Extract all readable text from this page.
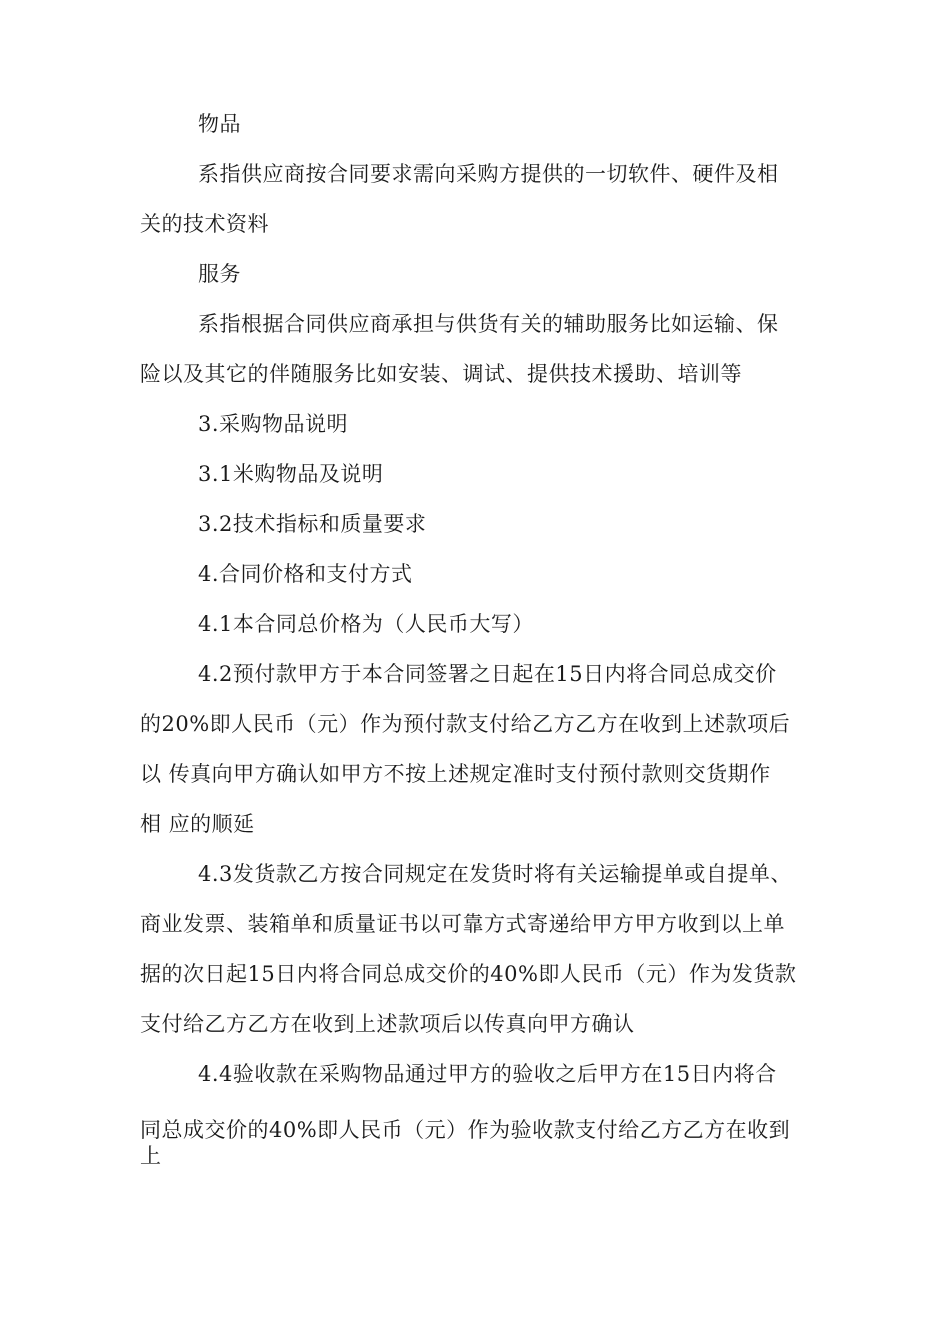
物品
系指供应商按合同要求需向采购方提供的一切软件、硬件及相
关的技术资料
服务
系指根据合同供应商承担与供货有关的辅助服务比如运输、保
险以及其它的伴随服务比如安装、调试、提供技术援助、培训等
3.采购物品说明
3.1米购物品及说明
3.2技术指标和质量要求
4.合同价格和支付方式
4.1本合同总价格为（人民币大写）
4.2预付款甲方于本合同签署之日起在15日内将合同总成交价
的20%即人民币（元）作为预付款支付给乙方乙方在收到上述款项后
以 传真向甲方确认如甲方不按上述规定准时支付预付款则交货期作
相 应的顺延
4.3发货款乙方按合同规定在发货时将有关运输提单或自提单、
商业发票、装箱单和质量证书以可靠方式寄递给甲方甲方收到以上单
据的次日起15日内将合同总成交价的40%即人民币（元）作为发货款
支付给乙方乙方在收到上述款项后以传真向甲方确认
4.4验收款在采购物品通过甲方的验收之后甲方在15日内将合
同总成交价的40%即人民币（元）作为验收款支付给乙方乙方在收到
上
